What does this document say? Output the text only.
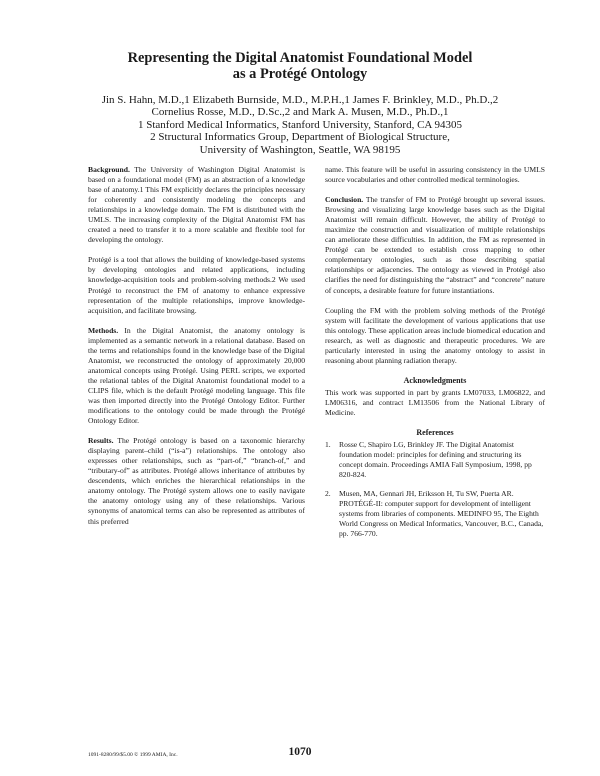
Representing the Digital Anatomist Foundational Model
as a Protégé Ontology
Jin S. Hahn, M.D.,1 Elizabeth Burnside, M.D., M.P.H.,1 James F. Brinkley, M.D., Ph.D.,2
Cornelius Rosse, M.D., D.Sc.,2 and Mark A. Musen, M.D., Ph.D.,1
1 Stanford Medical Informatics, Stanford University, Stanford, CA 94305
2 Structural Informatics Group, Department of Biological Structure,
University of Washington, Seattle, WA 98195

Background. The University of Washington Digital Anatomist is based on a foundational model (FM) as an abstraction of a knowledge base of anatomy.1 This FM explicitly declares the principles necessary for coherently and consistently modeling the concepts and relationships in a knowledge domain. The FM is distributed with the UMLS. The increasing complexity of the Digital Anatomist FM has created a need to transfer it to a more scalable and flexible tool for developing the ontology.

Protégé is a tool that allows the building of knowledge-based systems by developing ontologies and related applications, including knowledge-acquisition tools and problem-solving methods.2 We used Protégé to reconstruct the FM of anatomy to enhance expressive representation of the multiple relationships, improve knowledge-acquisition, and facilitate browsing.

Methods. In the Digital Anatomist, the anatomy ontology is implemented as a semantic network in a relational database. Based on the terms and relationships found in the knowledge base of the Digital Anatomist, we reconstructed the ontology of approximately 20,000 anatomical concepts using Protégé. Using PERL scripts, we exported the relational tables of the Digital Anatomist foundational model to a CLIPS file, which is the default Protégé modeling language. This file was then imported directly into the Protégé Ontology Editor. Further modifications to the ontology could be made through the Protégé Ontology Editor.

Results. The Protégé ontology is based on a taxonomic hierarchy displaying parent–child (“is-a”) relationships. The ontology also expresses other relationships, such as “part-of,” “branch-of,” and “tributary-of” as attributes. Protégé allows inheritance of attributes by descendents, which enriches the hierarchical relationships in the anatomy ontology. The Protégé system allows one to easily navigate the anatomy ontology using any of these relationships. Various synonyms of anatomical terms can also be represented as attributes of this preferred

name. This feature will be useful in assuring consistency in the UMLS source vocabularies and other controlled medical terminologies.

Conclusion. The transfer of FM to Protégé brought up several issues. Browsing and visualizing large knowledge bases such as the Digital Anatomist will remain difficult. However, the ability of Protégé to maximize the construction and visualization of multiple relationships can ameliorate these difficulties. In addition, the FM as represented in Protégé can be extended to establish cross mapping to other complementary ontologies, such as those describing spatial relationships or adjacencies. The ontology as viewed in Protégé also clarifies the need for distinguishing the “abstract” and “concrete” nature of concepts, a desirable feature for future instantiations.

Coupling the FM with the problem solving methods of the Protégé system will facilitate the development of various applications that use this ontology. These application areas include biomedical education and research, as well as diagnostic and therapeutic procedures. We are particularly interested in using the anatomy ontology to assist in reasoning about planning radiation therapy.

Acknowledgments

This work was supported in part by grants LM07033, LM06822, and LM06316, and contract LM13506 from the National Library of Medicine.

References
1.	Rosse C, Shapiro LG, Brinkley JF. The Digital Anatomist foundation model: principles for defining and structuring its concept domain. Proceedings AMIA Fall Symposium, 1998, pp 820-824.
2.	Musen, MA, Gennari JH, Eriksson H, Tu SW, Puerta AR. PROTÉGÉ-II: computer support for development of intelligent systems from libraries of components. MEDINFO 95, The Eighth World Congress on Medical Informatics, Vancouver, B.C., Canada, pp. 766-770.
1091-8280/99/$5.00 © 1999 AMIA, Inc.	1070
